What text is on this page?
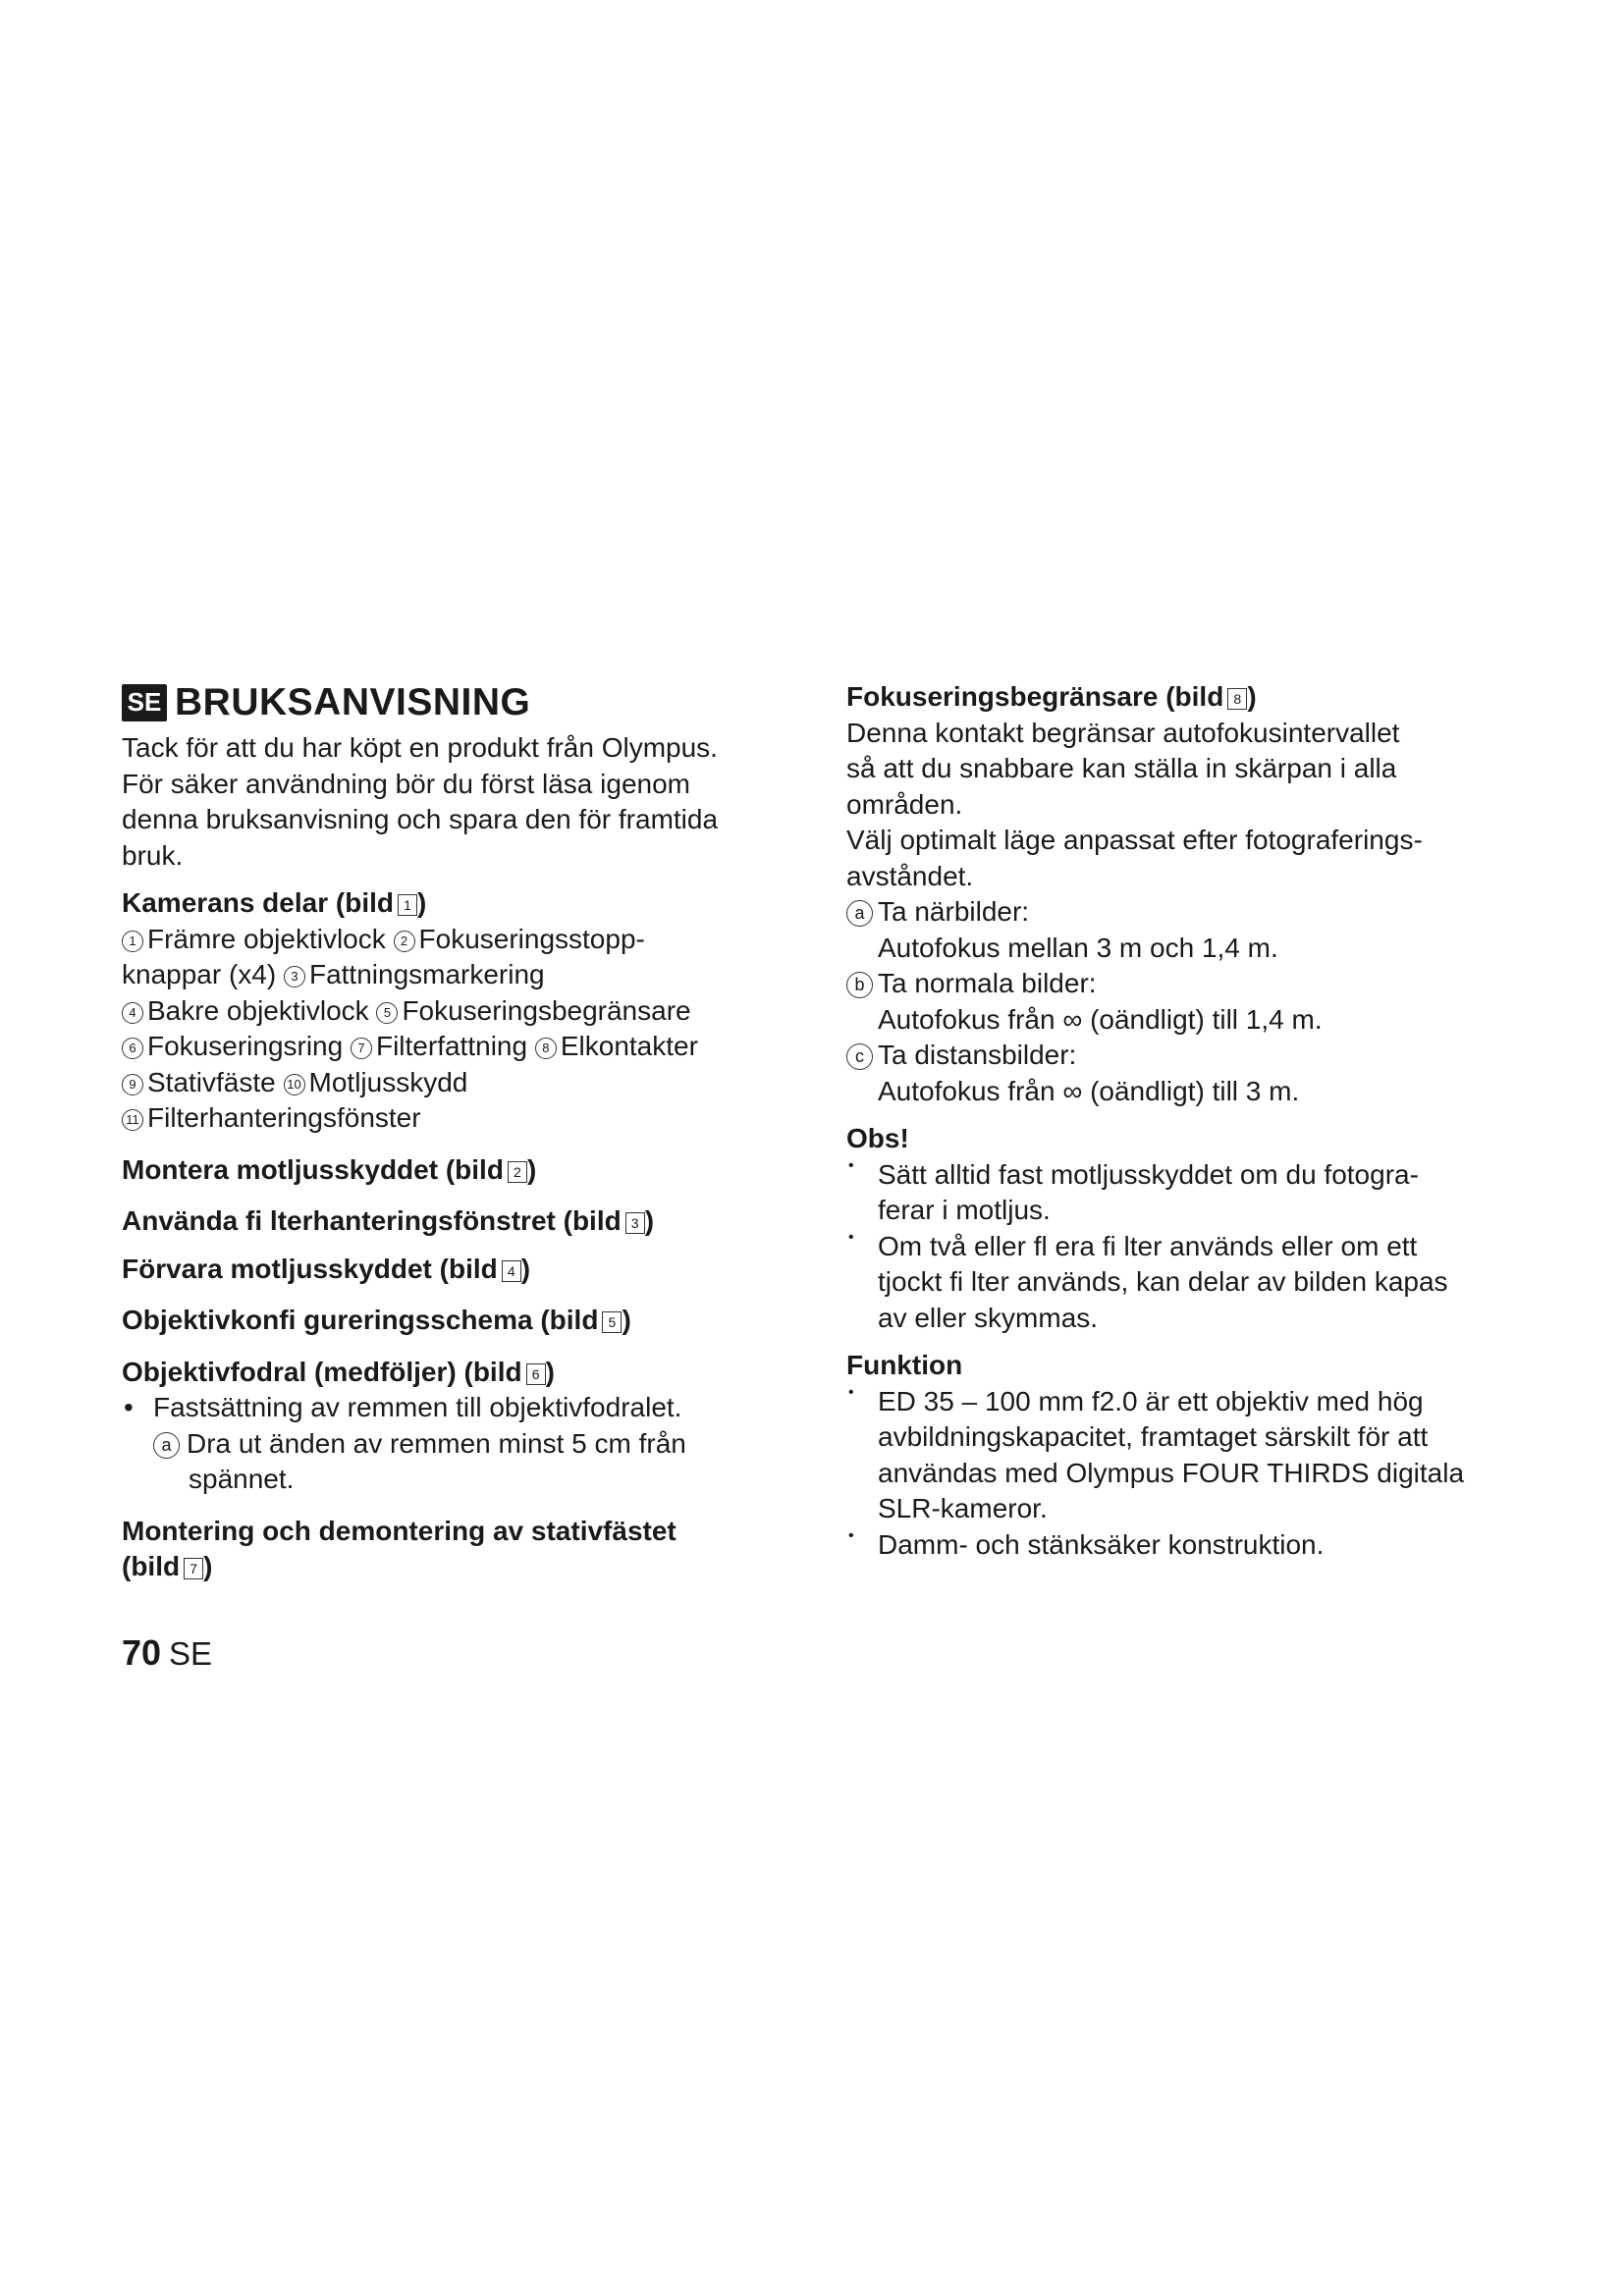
SE BRUKSANVISNING

Tack för att du har köpt en produkt från Olympus.

För säker användning bör du först läsa igenom

denna bruksanvisning och spara den för framtida

bruk.

Kamerans delar (bild 1 )

1 Främre objektivlock 2 Fokuseringsstopp-

knappar (x4) 3 Fattningsmarkering

4 Bakre objektivlock 5 Fokuseringsbegränsare

6 Fokuseringsring 7 Filterfattning 8 Elkontakter

9 Stativfäste 10 Motljusskydd

11 Filterhanteringsfönster

Montera motljusskyddet (bild 2 )
Använda fi lterhanteringsfönstret (bild 3 )
Förvara motljusskyddet (bild 4 )
Objektivkonfi gureringsschema (bild 5 )
Objektivfodral (medföljer) (bild 6 )

• Fastsättning av remmen till objektivfodralet.

a Dra ut änden av remmen minst 5 cm från

spännet.

Montering och demontering av stativfästet
(bild 7 )
Fokuseringsbegränsare (bild 8 )

Denna kontakt begränsar autofokusintervallet

så att du snabbare kan ställa in skärpan i alla

områden.

Välj optimalt läge anpassat efter fotograferings-

avståndet.

a Ta närbilder:

Autofokus mellan 3 m och 1,4 m.

b Ta normala bilder:

Autofokus från ∞ (oändligt) till 1,4 m.

c Ta distansbilder:

Autofokus från ∞ (oändligt) till 3 m.

Obs!
• Sätt alltid fast motljusskyddet om du fotogra-

ferar i motljus.

• Om två eller fl era fi lter används eller om ett

tjockt fi lter används, kan delar av bilden kapas

av eller skymmas.

Funktion
• ED 35 – 100 mm f2.0 är ett objektiv med hög

avbildningskapacitet, framtaget särskilt för att

användas med Olympus FOUR THIRDS digitala

SLR-kameror.

• Damm- och stänksäker konstruktion.

70 SE
